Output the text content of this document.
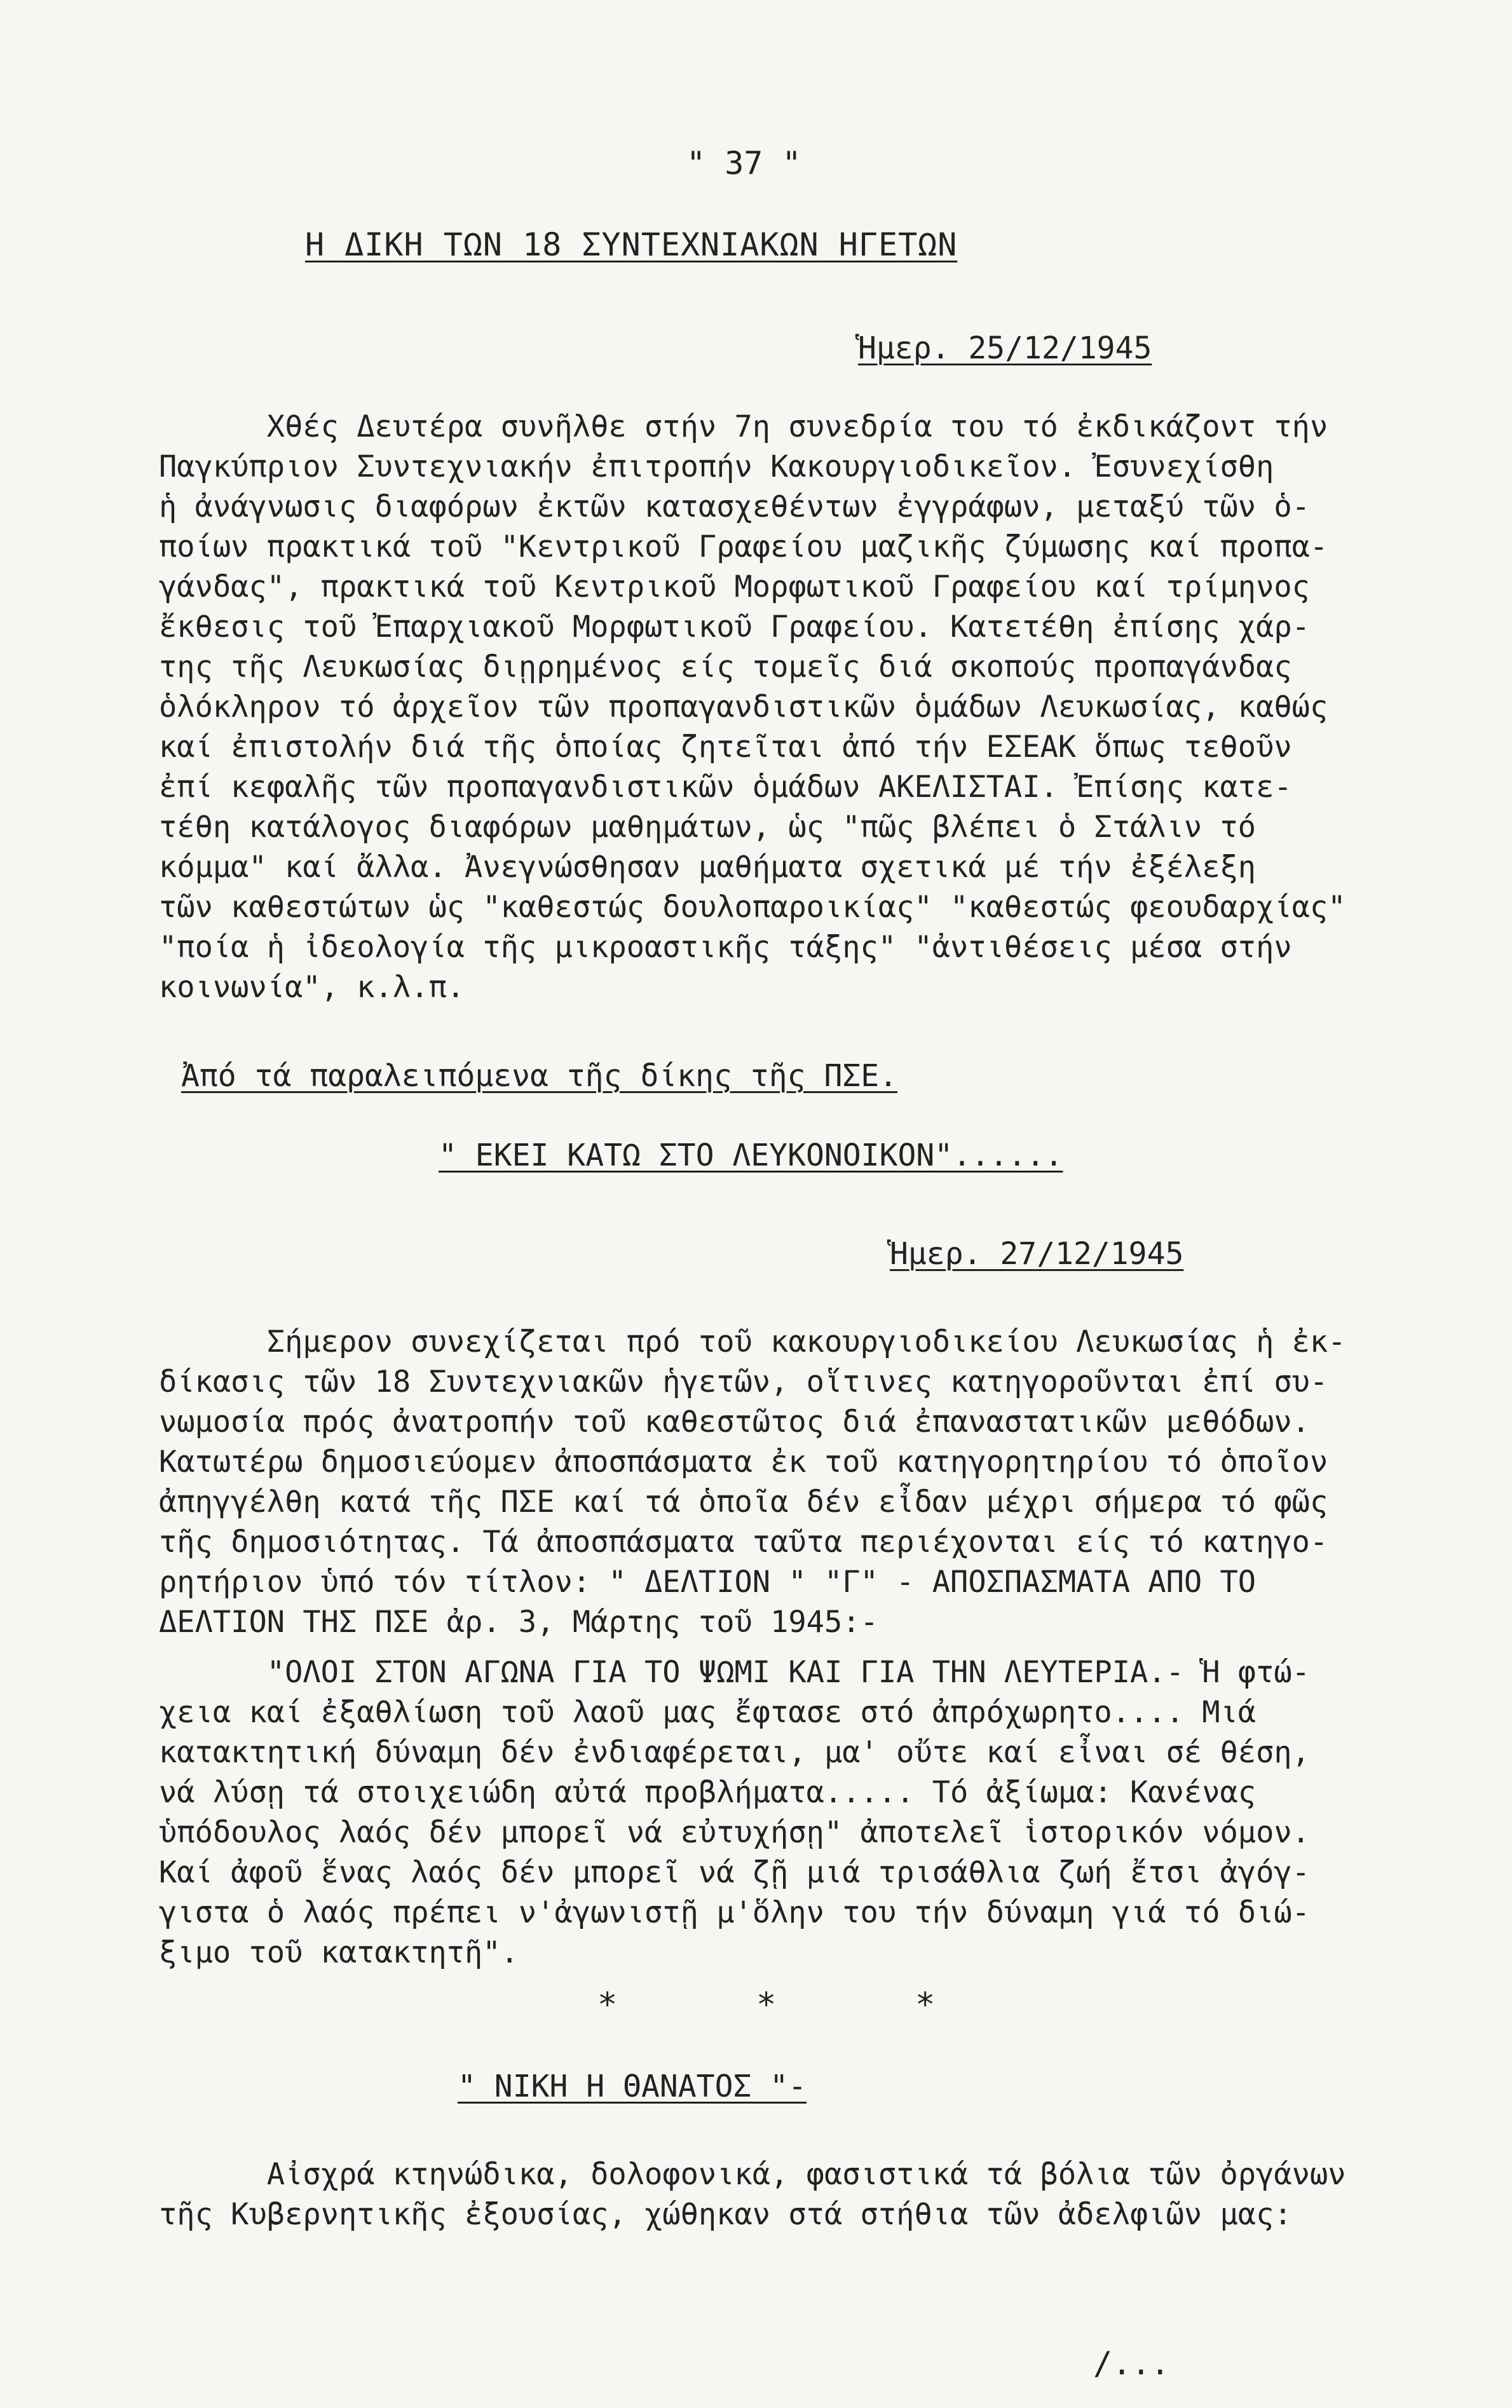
" 37 "
Η ΔΙΚΗ ΤΩΝ 18 ΣΥΝΤΕΧΝΙΑΚΩΝ ΗΓΕΤΩΝ
Ἡμερ. 25/12/1945
Χθές Δευτέρα συνῆλθε στήν 7η συνεδρία του τό ἐκδικάζοντ τήν
Παγκύπριον Συντεχνιακήν ἐπιτροπήν Κακουργιοδικεῖον. Ἐσυνεχίσθη
ἡ ἀνάγνωσις διαφόρων ἐκτῶν κατασχεθέντων ἐγγράφων, μεταξύ τῶν ὁ-
ποίων πρακτικά τοῦ "Κεντρικοῦ Γραφείου μαζικῆς ζύμωσης καί προπα-
γάνδας", πρακτικά τοῦ Κεντρικοῦ Μορφωτικοῦ Γραφείου καί τρίμηνος
ἔκθεσις τοῦ Ἐπαρχιακοῦ Μορφωτικοῦ Γραφείου. Κατετέθη ἐπίσης χάρ-
της τῆς Λευκωσίας διῃρημένος είς τομεῖς διά σκοπούς προπαγάνδας
ὁλόκληρον τό ἀρχεῖον τῶν προπαγανδιστικῶν ὁμάδων Λευκωσίας, καθώς
καί ἐπιστολήν διά τῆς ὁποίας ζητεῖται ἀπό τήν ΕΣΕΑΚ ὅπως τεθοῦν
ἐπί κεφαλῆς τῶν προπαγανδιστικῶν ὁμάδων ΑΚΕΛΙΣΤΑΙ. Ἐπίσης κατε-
τέθη κατάλογος διαφόρων μαθημάτων, ὡς "πῶς βλέπει ὁ Στάλιν τό
κόμμα" καί ἄλλα. Ἀνεγνώσθησαν μαθήματα σχετικά μέ τήν ἐξέλεξη
τῶν καθεστώτων ὡς "καθεστώς δουλοπαροικίας" "καθεστώς φεουδαρχίας"
"ποία ἡ ἰδεολογία τῆς μικροαστικῆς τάξης" "ἀντιθέσεις μέσα στήν
κοινωνία", κ.λ.π.
Ἀπό τά παραλειπόμενα τῆς δίκης τῆς ΠΣΕ.
" ΕΚΕΙ ΚΑΤΩ ΣΤΟ ΛΕΥΚΟΝΟΙΚΟΝ"......
Ἡμερ. 27/12/1945
Σήμερον συνεχίζεται πρό τοῦ κακουργιοδικείου Λευκωσίας ἡ ἐκ-
δίκασις τῶν 18 Συντεχνιακῶν ἡγετῶν, οἵτινες κατηγοροῦνται ἐπί συ-
νωμοσία πρός ἀνατροπήν τοῦ καθεστῶτος διά ἐπαναστατικῶν μεθόδων.
Κατωτέρω δημοσιεύομεν ἀποσπάσματα ἐκ τοῦ κατηγορητηρίου τό ὁποῖον
ἀπηγγέλθη κατά τῆς ΠΣΕ καί τά ὁποῖα δέν εἶδαν μέχρι σήμερα τό φῶς
τῆς δημοσιότητας. Τά ἀποσπάσματα ταῦτα περιέχονται είς τό κατηγο-
ρητήριον ὑπό τόν τίτλον: " ΔΕΛΤΙΟΝ " "Γ" - ΑΠΟΣΠΑΣΜΑΤΑ ΑΠΟ ΤΟ
ΔΕΛΤΙΟΝ ΤΗΣ ΠΣΕ ἀρ. 3, Μάρτης τοῦ 1945:-
"ΟΛΟΙ ΣΤΟΝ ΑΓΩΝΑ ΓΙΑ ΤΟ ΨΩΜΙ ΚΑΙ ΓΙΑ ΤΗΝ ΛΕΥΤΕΡΙΑ.- Ἡ φτώ-
χεια καί ἐξαθλίωση τοῦ λαοῦ μας ἔφτασε στό ἀπρόχωρητο.... Μιά
κατακτητική δύναμη δέν ἐνδιαφέρεται, μα' οὔτε καί εἶναι σέ θέση,
νά λύσῃ τά στοιχειώδη αὐτά προβλήματα..... Τό ἀξίωμα: Κανένας
ὑπόδουλος λαός δέν μπορεῖ νά εὐτυχήσῃ" ἀποτελεῖ ἱστορικόν νόμον.
Καί ἀφοῦ ἕνας λαός δέν μπορεῖ νά ζῇ μιά τρισάθλια ζωή ἔτσι ἀγόγ-
γιστα ὁ λαός πρέπει ν'ἀγωνιστῇ μ'ὅλην του τήν δύναμη γιά τό διώ-
ξιμο τοῦ κατακτητῆ".
*	*	*
" ΝΙΚΗ Η ΘΑΝΑΤΟΣ "-
Αἰσχρά κτηνώδικα, δολοφονικά, φασιστικά τά βόλια τῶν ὀργάνων
τῆς Κυβερνητικῆς ἐξουσίας, χώθηκαν στά στήθια τῶν ἀδελφιῶν μας:
/...
